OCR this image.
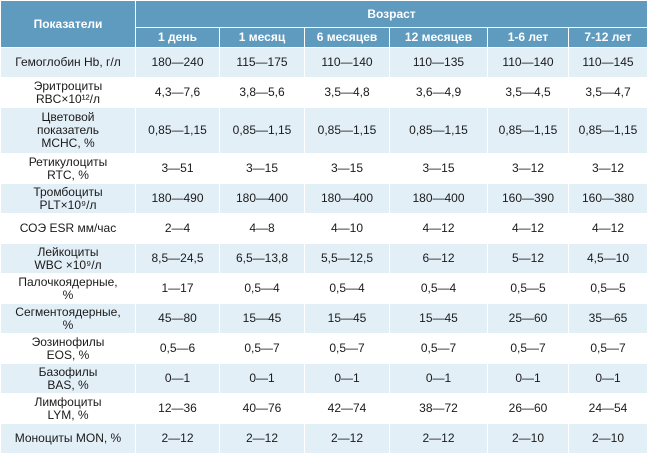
Показатели	Возраст					
	1 день	1 месяц	6 месяцев	12 месяцев	1-6 лет	7-12 лет

Гемоглобин Hb, г/л	180—240	115—175	110—140	110—135	110—140	110—145

Эритроциты
RBC×10¹²/л	4,3—7,6	3,8—5,6	3,5—4,8	3,6—4,9	3,5—4,5	3,5—4,7

Цветовой
показатель
MCHC, %	0,85—1,15	0,85—1,15	0,85—1,15	0,85—1,15	0,85—1,15	0,85—1,15

Ретикулоциты
RTC, %	3—51	3—15	3—15	3—15	3—12	3—12

Тромбоциты
PLT×10⁹/л	180—490	180—400	180—400	180—400	160—390	160—380

СОЭ ESR мм/час	2—4	4—8	4—10	4—12	4—12	4—12

Лейкоциты
WBC ×10⁹/л	8,5—24,5	6,5—13,8	5,5—12,5	6—12	5—12	4,5—10

Палочкоядерные,
%	1—17	0,5—4	0,5—4	0,5—4	0,5—5	0,5—5

Сегментоядерные,
%	45—80	15—45	15—45	15—45	25—60	35—65

Эозинофилы
EOS, %	0,5—6	0,5—7	0,5—7	0,5—7	0,5—7	0,5—7

Базофилы
BAS, %	0—1	0—1	0—1	0—1	0—1	0—1

Лимфоциты
LYM, %	12—36	40—76	42—74	38—72	26—60	24—54

Моноциты MON, %	2—12	2—12	2—12	2—12	2—10	2—10
